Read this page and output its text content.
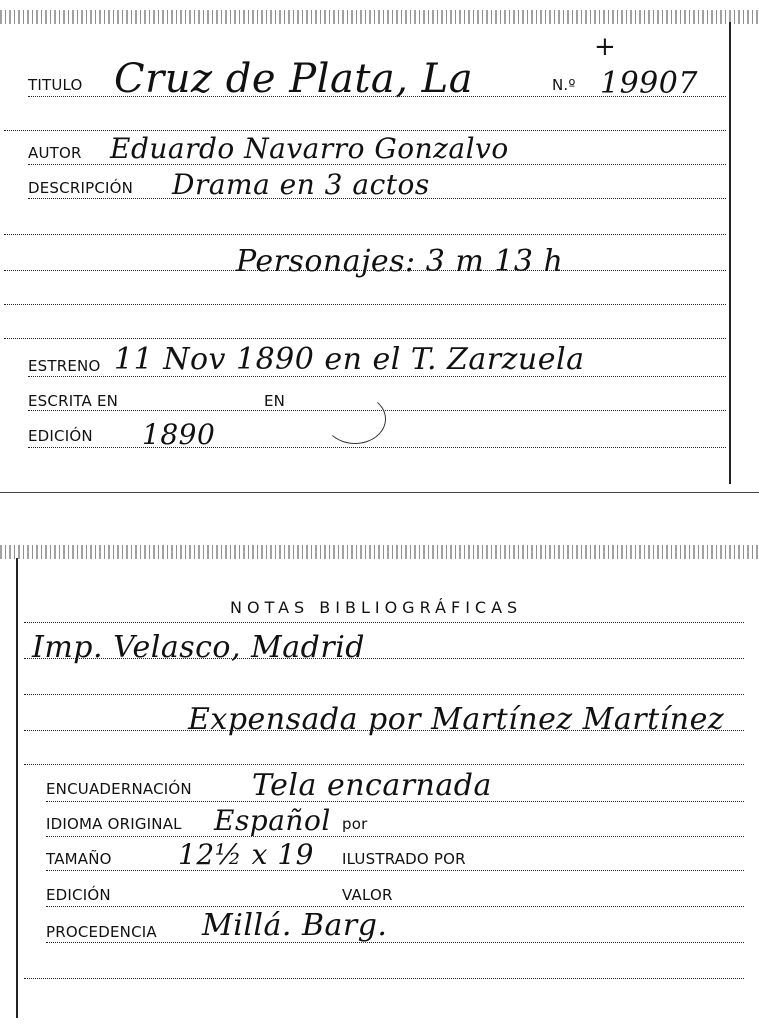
TITULO Cruz de Plata, La	N.º 19907
+
AUTOR Eduardo Navarro Gonzalvo
DESCRIPCIÓN Drama en 3 actos
Personajes: 3 m 13 h
ESTRENO 11 Nov 1890 en el T. Zarzuela
ESCRITA EN	EN
EDICIÓN 1890
NOTAS BIBLIOGRÁFICAS
Imp. Velasco, Madrid
Expensada por Martínez Martínez
ENCUADERNACIÓN Tela encarnada
IDIOMA ORIGINAL Español por
TAMAÑO 12½ x 19 ILUSTRADO POR
EDICIÓN	VALOR
PROCEDENCIA Millá. Barg.
